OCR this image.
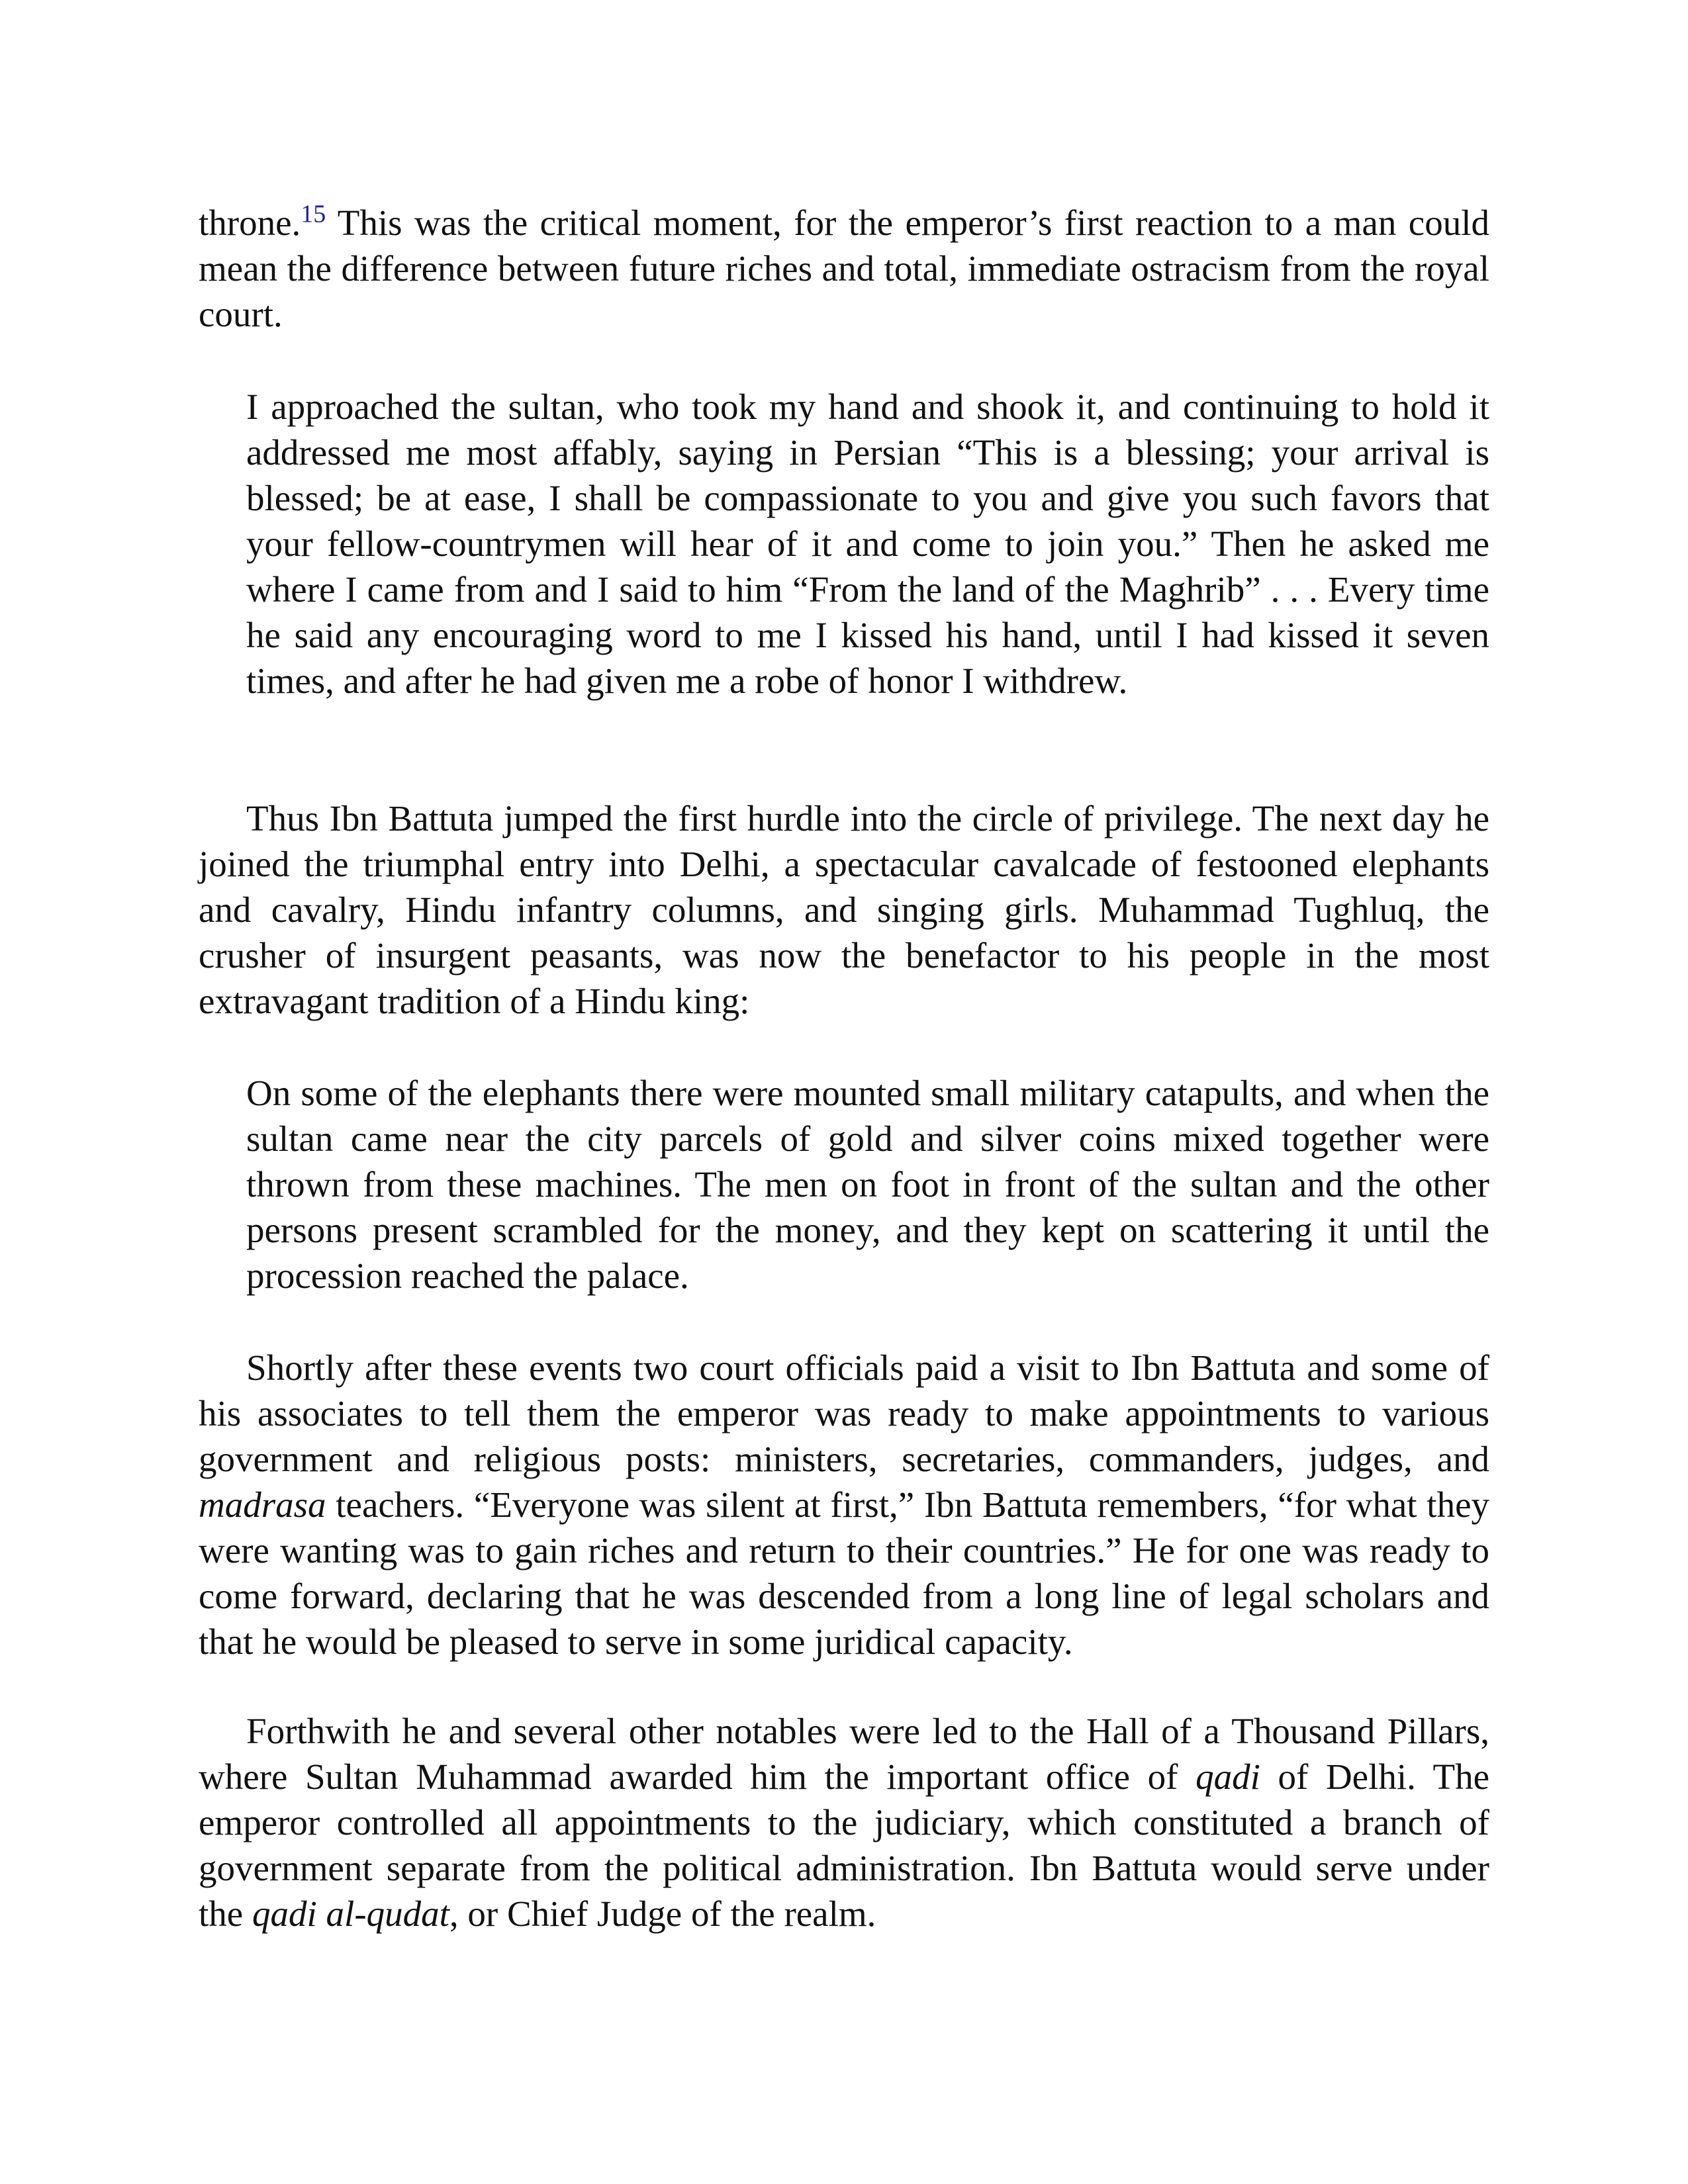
throne.$^{15}$ This was the critical moment, for the emperor’s first reaction to a man could mean the difference between future riches and total, immediate ostracism from the royal court.

I approached the sultan, who took my hand and shook it, and continuing to hold it addressed me most affably, saying in Persian “This is a blessing; your arrival is blessed; be at ease, I shall be compassionate to you and give you such favors that your fellow-countrymen will hear of it and come to join you.” Then he asked me where I came from and I said to him “From the land of the Maghrib” . . . Every time he said any encouraging word to me I kissed his hand, until I had kissed it seven times, and after he had given me a robe of honor I withdrew.

Thus Ibn Battuta jumped the first hurdle into the circle of privilege. The next day he joined the triumphal entry into Delhi, a spectacular cavalcade of festooned elephants and cavalry, Hindu infantry columns, and singing girls. Muhammad Tughluq, the crusher of insurgent peasants, was now the benefactor to his people in the most extravagant tradition of a Hindu king:

On some of the elephants there were mounted small military catapults, and when the sultan came near the city parcels of gold and silver coins mixed together were thrown from these machines. The men on foot in front of the sultan and the other persons present scrambled for the money, and they kept on scattering it until the procession reached the palace.

Shortly after these events two court officials paid a visit to Ibn Battuta and some of his associates to tell them the emperor was ready to make appointments to various government and religious posts: ministers, secretaries, commanders, judges, and madrasa teachers. “Everyone was silent at first,” Ibn Battuta remembers, “for what they were wanting was to gain riches and return to their countries.” He for one was ready to come forward, declaring that he was descended from a long line of legal scholars and that he would be pleased to serve in some juridical capacity.

Forthwith he and several other notables were led to the Hall of a Thousand Pillars, where Sultan Muhammad awarded him the important office of qadi of Delhi. The emperor controlled all appointments to the judiciary, which constituted a branch of government separate from the political administration. Ibn Battuta would serve under the qadi al-qudat, or Chief Judge of the realm.
